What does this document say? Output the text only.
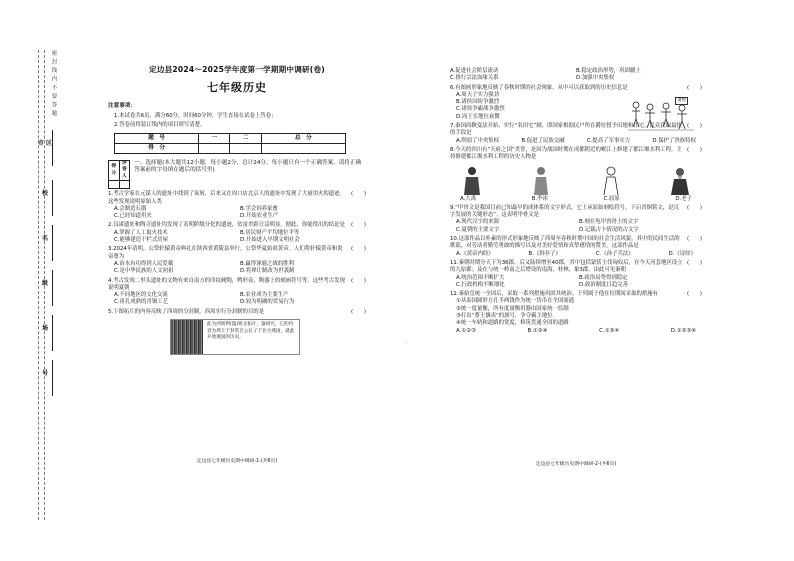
密封线内不要答题
市 区
校
名
级
场
号
定边县2024～2025学年度第一学期期中调研(卷)
七年级历史
注意事项：
1.本试卷共6页，满分60分，时间60分钟，学生直接在试卷上答卷；
2.答卷前将装订线内的项目填写清楚。
题　号	一	二	总　分
得　分			
得分	评卷人

一、选择题(本大题共12小题，每小题2分，总计24分。每小题只有一个正确答案，请将正确答案前的字母填在题后的括号里)
1.考古学家在元谋人的遗址中找到了炭屑，后来又在周口店北京人的遗址中发现了大量用火的遗迹。这些发现说明原始人类
(　　)
A.会制造石器	B.学会饲养家畜
C.已经知道用火	D.开始农业生产
2.良渚遗址和陶寺遗址均发现了表明阶级分化的遗迹，贫富差距日益明显。据此，你能得出的结论是	(　　)
A.掌握了人工取火技术	B.居民财产平均地位平等
C.能够建造干栏式房屋	D.开始进入早期文明社会
3.2024年清明，公祭轩辕黄帝典礼在陕西省黄陵县举行，公祭华夏始祖黄帝。人们将轩辕黄帝和炎帝尊为
(　　)
A.治水有功得到人民爱戴	B.赢得涿鹿之战的胜利
C.是中华民族的人文初祖	D.将禅让制改为世袭制
4.考古发现二里头遗址的文物有来自南方的印纹硬陶，鸭形壶，陶器上的刻画符号等。这些考古发现说明夏朝
(　　)
A.不同地区的文化交流	B.农业成为主要生产
C.祖孔成熟的青铜工艺	D.较为明确的贸易行为
5.下图拓片的内容反映了西周的分封制。西周实行分封制的目的是	(　　)
此为西周利(簋)铭文拓片，器研究，它的内容为周王于封赏召公长子于北方燕国，就此开始燕国的历史。
定边县七年级历史期中调研-1-(共6页)
·
A.促进社会阶层流动	B.稳定政治形势，巩固疆土
C.推行宗法血缘关系	D.加强中央集权
6.有图画形象地反映了春秋时期的社会现象，从中可以获取到的历史信息是	(　　)
A.周天子实力强劲
B.诸侯国纷争激烈
C.诸侯争霸战争激烈
D.周王室地位衰微
诸侯
7.秦国商鞅变法开始，实行“名田宅”制，即国家根据民户所在爵位授予田地和住宅。民众获取最快的手段是
(　　)
A.削弱了中央集权	B.促进了民族交融	C.提高了军事实力	D.保护了贵族特权
8.今天的四川有“天府之国”美誉，是因为战国时期在成都附近的岷江上修建了都江堰水利工程。主持修建都江堰水利工程的历史人物是
(　　)
A.大禹	B.李冰	C.屈原	D.老子
9.“甲骨文是我国目前已知最早的成体系的文字形式，它上承原始刻绘符号，下启青铜铭文，是汉字发展的关键形态”。这表明甲骨文是
(　　)
A.现代汉字的来源	B.刻在龟甲兽骨上的文字
C.夏朝的主要文字	D.记载占卜情况的古文字
10.这部作品以朴素的形式形象地反映了西周至春秋时期中国的社会生活风貌。其中的民间生活的歌谣，对劳动者勤劳勇敢的描写以及对美好爱情和真挚感情的赞美。这部作品是
(　　)
A.《黄帝内经》	B.《韩非子》	C.《孙子兵法》	D.《诗经》
11.秦朝时期分天下为36郡，后又陆续增至40郡，其中包括蒙恬主伐匈奴后，在今天河套地区设立的九原郡；及在与统一岭南之后增设的南海，桂林，象3郡，由此可见秦朝
(　　)
A.统治范围不断扩大	B.政治局势得到稳定
C.行政机构不断细化	D.政治制度日趋完善
12.秦始皇统一全国后，采取一系列措施巩固其统治。下列属于他在位期间采取的措施有	(　　)
①从泰国圆形方孔半两钱作为统一货币在全国流通
②统一度量衡，所有度量衡用器由国家统一监制
③打出“尊王攘夷”的旗号，争夺霸主地位
④统一车轨和道路的宽度，修筑贯通全国的道路
A.①②③	B.①②④	C.①③④	D.①②③④
定边县七年级历史期中调研-2-(共6页)
